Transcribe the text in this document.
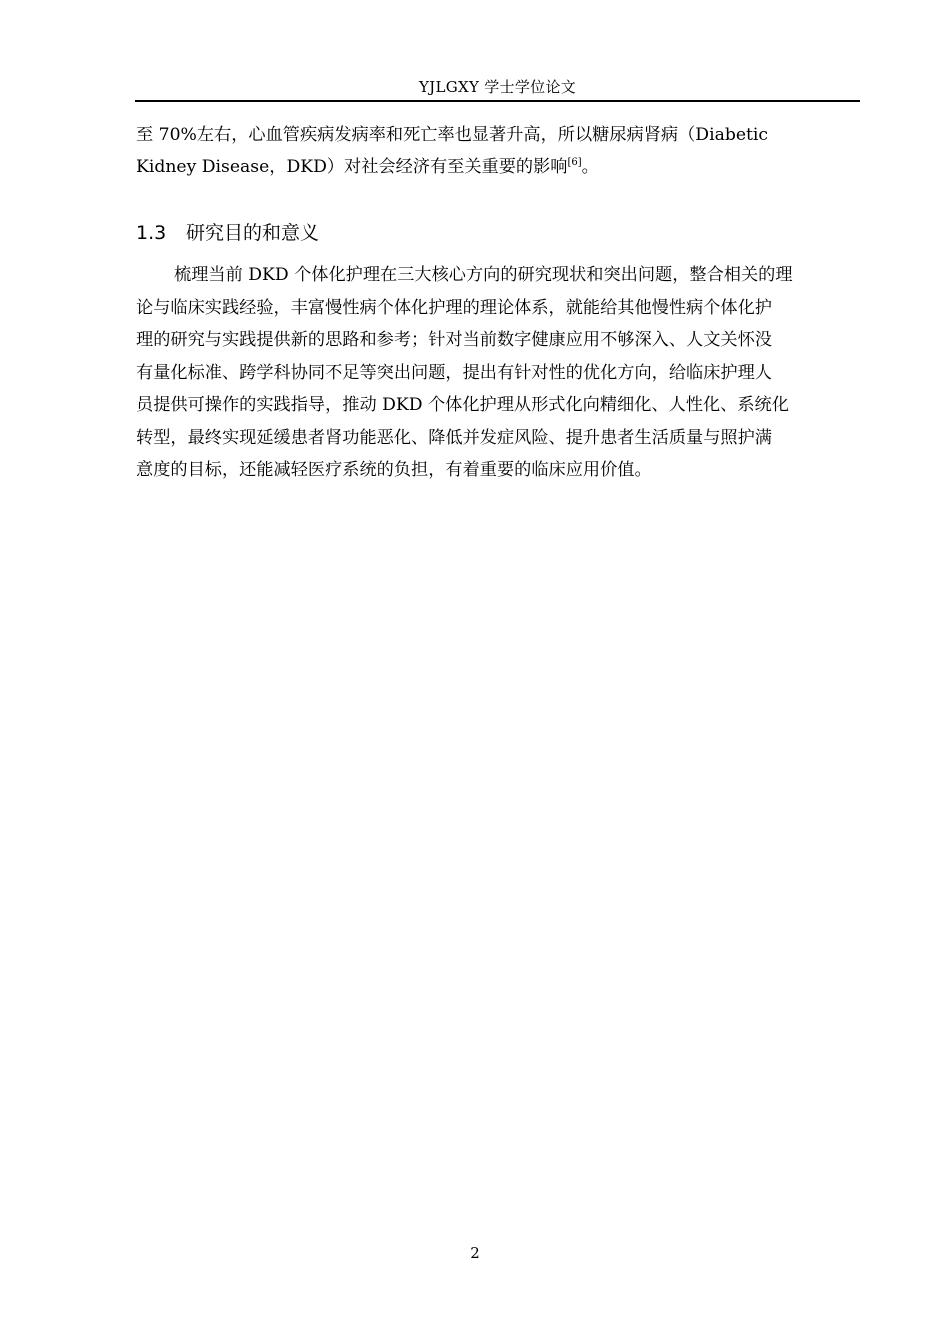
YJLGXY 学士学位论文

至 70%左右，心血管疾病发病率和死亡率也显著升高，所以糖尿病肾病（Diabetic
Kidney Disease，DKD）对社会经济有至关重要的影响[6]。

1.3 研究目的和意义

梳理当前 DKD 个体化护理在三大核心方向的研究现状和突出问题，整合相关的理
论与临床实践经验，丰富慢性病个体化护理的理论体系，就能给其他慢性病个体化护
理的研究与实践提供新的思路和参考；针对当前数字健康应用不够深入、人文关怀没
有量化标准、跨学科协同不足等突出问题，提出有针对性的优化方向，给临床护理人
员提供可操作的实践指导，推动 DKD 个体化护理从形式化向精细化、人性化、系统化
转型，最终实现延缓患者肾功能恶化、降低并发症风险、提升患者生活质量与照护满
意度的目标，还能减轻医疗系统的负担，有着重要的临床应用价值。

2
